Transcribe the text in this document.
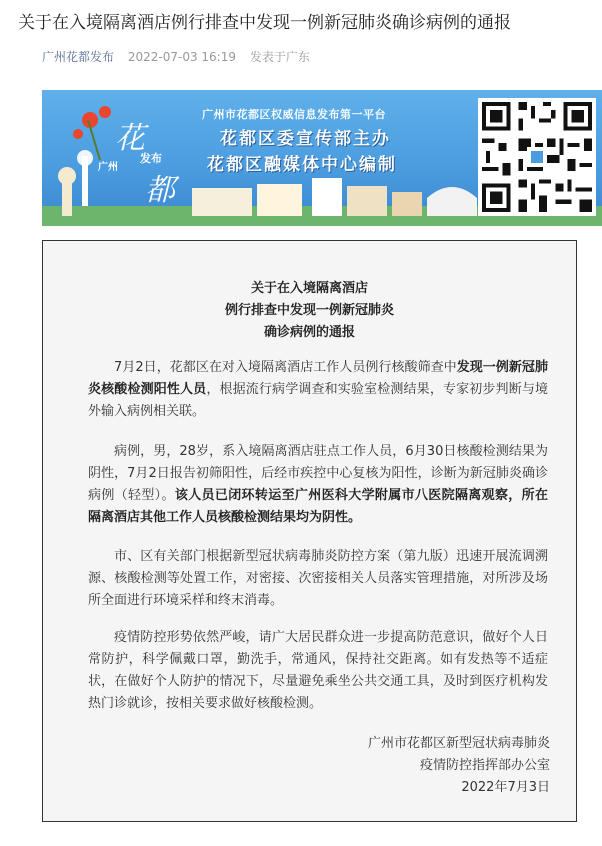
关于在入境隔离酒店例行排查中发现一例新冠肺炎确诊病例的通报
广州花都发布 2022-07-03 16:19 发表于广东
花
发布
广州
都
广州市花都区权威信息发布第一平台
花都区委宣传部主办
花都区融媒体中心编制
关于在入境隔离酒店
例行排查中发现一例新冠肺炎
确诊病例的通报

7月2日，花都区在对入境隔离酒店工作人员例行核酸筛查中发现一例新冠肺炎核酸检测阳性人员，根据流行病学调查和实验室检测结果，专家初步判断与境外输入病例相关联。

病例，男，28岁，系入境隔离酒店驻点工作人员，6月30日核酸检测结果为阴性，7月2日报告初筛阳性，后经市疾控中心复核为阳性，诊断为新冠肺炎确诊病例（轻型）。该人员已闭环转运至广州医科大学附属市八医院隔离观察，所在隔离酒店其他工作人员核酸检测结果均为阴性。

市、区有关部门根据新型冠状病毒肺炎防控方案（第九版）迅速开展流调溯源、核酸检测等处置工作，对密接、次密接相关人员落实管理措施，对所涉及场所全面进行环境采样和终末消毒。

疫情防控形势依然严峻，请广大居民群众进一步提高防范意识，做好个人日常防护，科学佩戴口罩，勤洗手，常通风，保持社交距离。如有发热等不适症状，在做好个人防护的情况下，尽量避免乘坐公共交通工具，及时到医疗机构发热门诊就诊，按相关要求做好核酸检测。

广州市花都区新型冠状病毒肺炎
疫情防控指挥部办公室
2022年7月3日
